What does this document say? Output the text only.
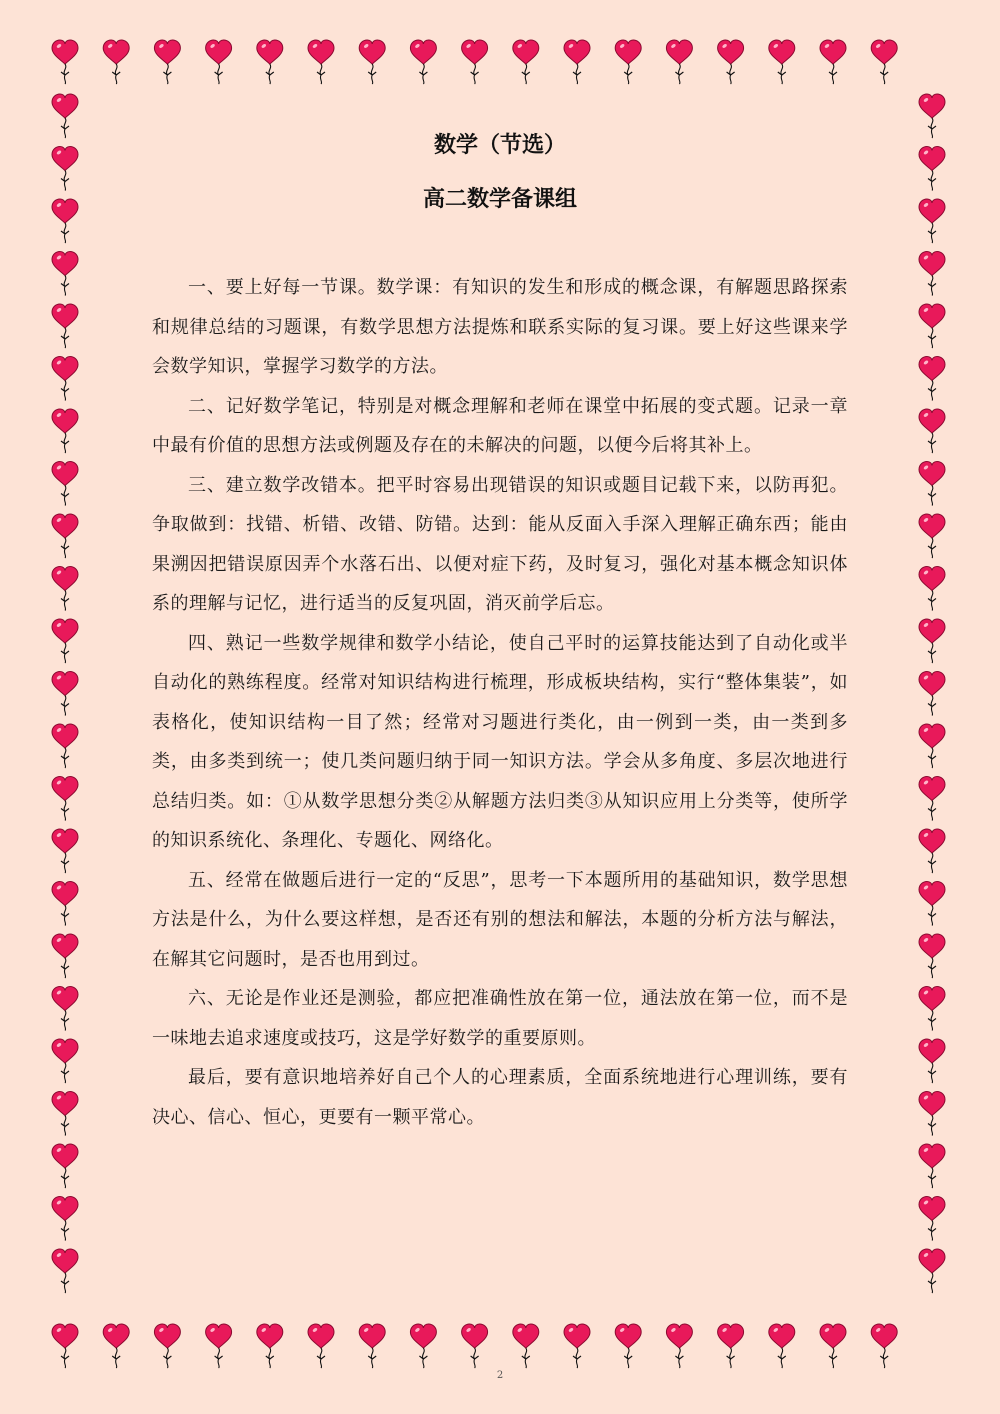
数学（节选）
高二数学备课组

一、要上好每一节课。数学课：有知识的发生和形成的概念课，有解题思路探索和规律总结的习题课，有数学思想方法提炼和联系实际的复习课。要上好这些课来学会数学知识，掌握学习数学的方法。

二、记好数学笔记，特别是对概念理解和老师在课堂中拓展的变式题。记录一章中最有价值的思想方法或例题及存在的未解决的问题，以便今后将其补上。

三、建立数学改错本。把平时容易出现错误的知识或题目记载下来，以防再犯。争取做到：找错、析错、改错、防错。达到：能从反面入手深入理解正确东西；能由果溯因把错误原因弄个水落石出、以便对症下药，及时复习，强化对基本概念知识体系的理解与记忆，进行适当的反复巩固，消灭前学后忘。

四、熟记一些数学规律和数学小结论，使自己平时的运算技能达到了自动化或半自动化的熟练程度。经常对知识结构进行梳理，形成板块结构，实行“整体集装”，如表格化，使知识结构一目了然；经常对习题进行类化，由一例到一类，由一类到多类，由多类到统一；使几类问题归纳于同一知识方法。学会从多角度、多层次地进行总结归类。如：①从数学思想分类②从解题方法归类③从知识应用上分类等，使所学的知识系统化、条理化、专题化、网络化。

五、经常在做题后进行一定的“反思”，思考一下本题所用的基础知识，数学思想方法是什么，为什么要这样想，是否还有别的想法和解法，本题的分析方法与解法，在解其它问题时，是否也用到过。

六、无论是作业还是测验，都应把准确性放在第一位，通法放在第一位，而不是一味地去追求速度或技巧，这是学好数学的重要原则。

最后，要有意识地培养好自己个人的心理素质，全面系统地进行心理训练，要有决心、信心、恒心，更要有一颗平常心。

2
